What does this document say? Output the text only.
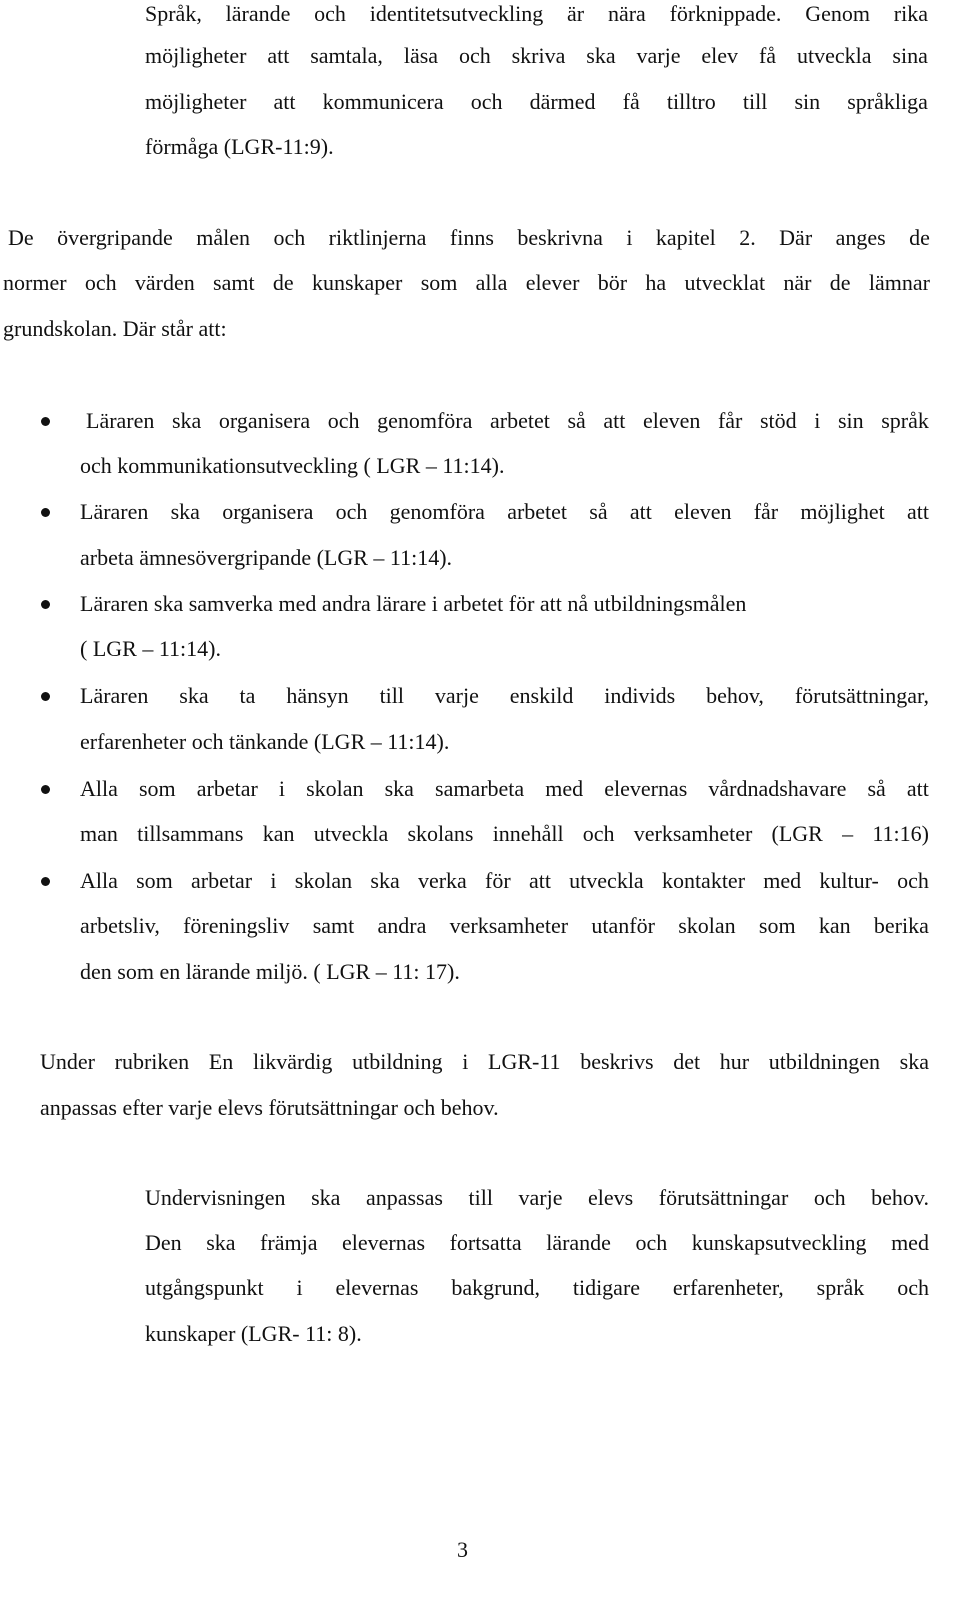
Språk, lärande och identitetsutveckling är nära förknippade. Genom rika
möjligheter att samtala, läsa och skriva ska varje elev få utveckla sina
möjligheter att kommunicera och därmed få tilltro till sin språkliga
förmåga (LGR-11:9).
De övergripande målen och riktlinjerna finns beskrivna i kapitel 2. Där anges de
normer och värden samt de kunskaper som alla elever bör ha utvecklat när de lämnar
grundskolan. Där står att:
Läraren ska organisera och genomföra arbetet så att eleven får stöd i sin språk
och kommunikationsutveckling ( LGR – 11:14).
Läraren ska organisera och genomföra arbetet så att eleven får möjlighet att
arbeta ämnesövergripande (LGR – 11:14).
Läraren ska samverka med andra lärare i arbetet för att nå utbildningsmålen
( LGR – 11:14).
Läraren ska ta hänsyn till varje enskild individs behov, förutsättningar,
erfarenheter och tänkande (LGR – 11:14).
Alla som arbetar i skolan ska samarbeta med elevernas vårdnadshavare så att
man tillsammans kan utveckla skolans innehåll och verksamheter (LGR – 11:16)
Alla som arbetar i skolan ska verka för att utveckla kontakter med kultur- och
arbetsliv, föreningsliv samt andra verksamheter utanför skolan som kan berika
den som en lärande miljö. ( LGR – 11: 17).
Under rubriken En likvärdig utbildning i LGR-11 beskrivs det hur utbildningen ska
anpassas efter varje elevs förutsättningar och behov.
Undervisningen ska anpassas till varje elevs förutsättningar och behov.
Den ska främja elevernas fortsatta lärande och kunskapsutveckling med
utgångspunkt i elevernas bakgrund, tidigare erfarenheter, språk och
kunskaper (LGR- 11: 8).
3
